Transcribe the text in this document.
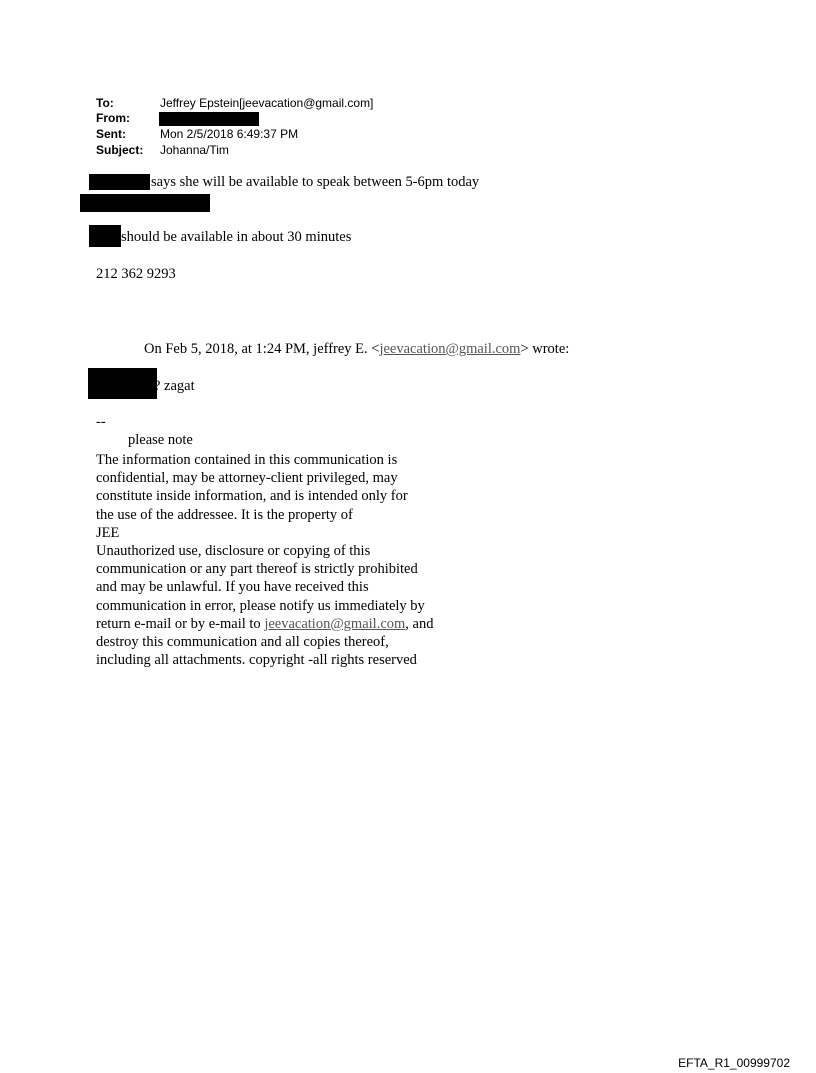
To:	Jeffrey Epstein[jeevacation@gmail.com]
From:
Sent:	Mon 2/5/2018 6:49:37 PM
Subject: Johanna/Tim
says she will be available to speak between 5-6pm today
should be available in about 30 minutes
212 362 9293
On Feb 5, 2018, at 1:24 PM, jeffrey E. <jeevacation@gmail.com> wrote:
? zagat
--
please note
The information contained in this communication is
confidential, may be attorney-client privileged, may
constitute inside information, and is intended only for
the use of the addressee. It is the property of
JEE
Unauthorized use, disclosure or copying of this
communication or any part thereof is strictly prohibited
and may be unlawful. If you have received this
communication in error, please notify us immediately by
return e-mail or by e-mail to jeevacation@gmail.com, and
destroy this communication and all copies thereof,
including all attachments. copyright -all rights reserved
EFTA_R1_00999702
